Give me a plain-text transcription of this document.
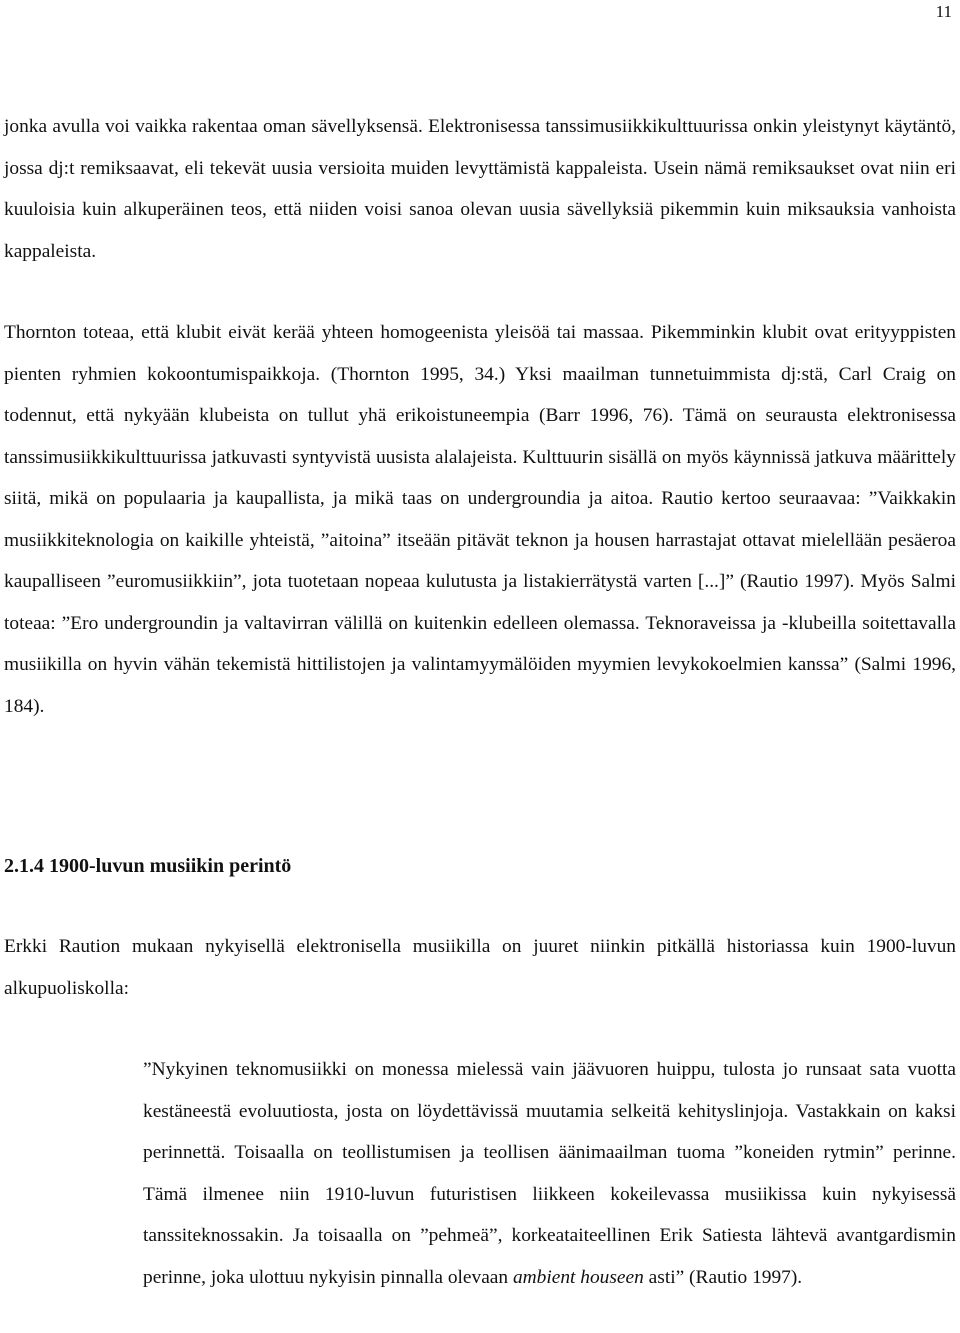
11

jonka avulla voi vaikka rakentaa oman sävellyksensä. Elektronisessa tanssimusiikkikulttuurissa onkin yleistynyt käytäntö, jossa dj:t remiksaavat, eli tekevät uusia versioita muiden levyttämistä kappaleista. Usein nämä remiksaukset ovat niin eri kuuloisia kuin alkuperäinen teos, että niiden voisi sanoa olevan uusia sävellyksiä pikemmin kuin miksauksia vanhoista kappaleista.

Thornton toteaa, että klubit eivät kerää yhteen homogeenista yleisöä tai massaa. Pikemminkin klubit ovat erityyppisten pienten ryhmien kokoontumispaikkoja. (Thornton 1995, 34.) Yksi maailman tunnetuimmista dj:stä, Carl Craig on todennut, että nykyään klubeista on tullut yhä erikoistuneempia (Barr 1996, 76). Tämä on seurausta elektronisessa tanssimusiikkikulttuurissa jatkuvasti syntyvistä uusista alalajeista. Kulttuurin sisällä on myös käynnissä jatkuva määrittely siitä, mikä on populaaria ja kaupallista, ja mikä taas on undergroundia ja aitoa. Rautio kertoo seuraavaa: ”Vaikkakin musiikkiteknologia on kaikille yhteistä, ”aitoina” itseään pitävät teknon ja housen harrastajat ottavat mielellään pesäeroa kaupalliseen ”euromusiikkiin”, jota tuotetaan nopeaa kulutusta ja listakierrätystä varten [...]” (Rautio 1997). Myös Salmi toteaa: ”Ero undergroundin ja valtavirran välillä on kuitenkin edelleen olemassa. Teknoraveissa ja -klubeilla soitettavalla musiikilla on hyvin vähän tekemistä hittilistojen ja valintamyymälöiden myymien levykokoelmien kanssa” (Salmi 1996, 184).

2.1.4 1900-luvun musiikin perintö

Erkki Raution mukaan nykyisellä elektronisella musiikilla on juuret niinkin pitkällä historiassa kuin 1900-luvun alkupuoliskolla:

”Nykyinen teknomusiikki on monessa mielessä vain jäävuoren huippu, tulosta jo runsaat sata vuotta kestäneestä evoluutiosta, josta on löydettävissä muutamia selkeitä kehityslinjoja. Vastakkain on kaksi perinnettä. Toisaalla on teollistumisen ja teollisen äänimaailman tuoma ”koneiden rytmin” perinne. Tämä ilmenee niin 1910-luvun futuristisen liikkeen kokeilevassa musiikissa kuin nykyisessä tanssiteknossakin. Ja toisaalla on ”pehmeä”, korkeataiteellinen Erik Satiesta lähtevä avantgardismin perinne, joka ulottuu nykyisin pinnalla olevaan ambient houseen asti” (Rautio 1997).
